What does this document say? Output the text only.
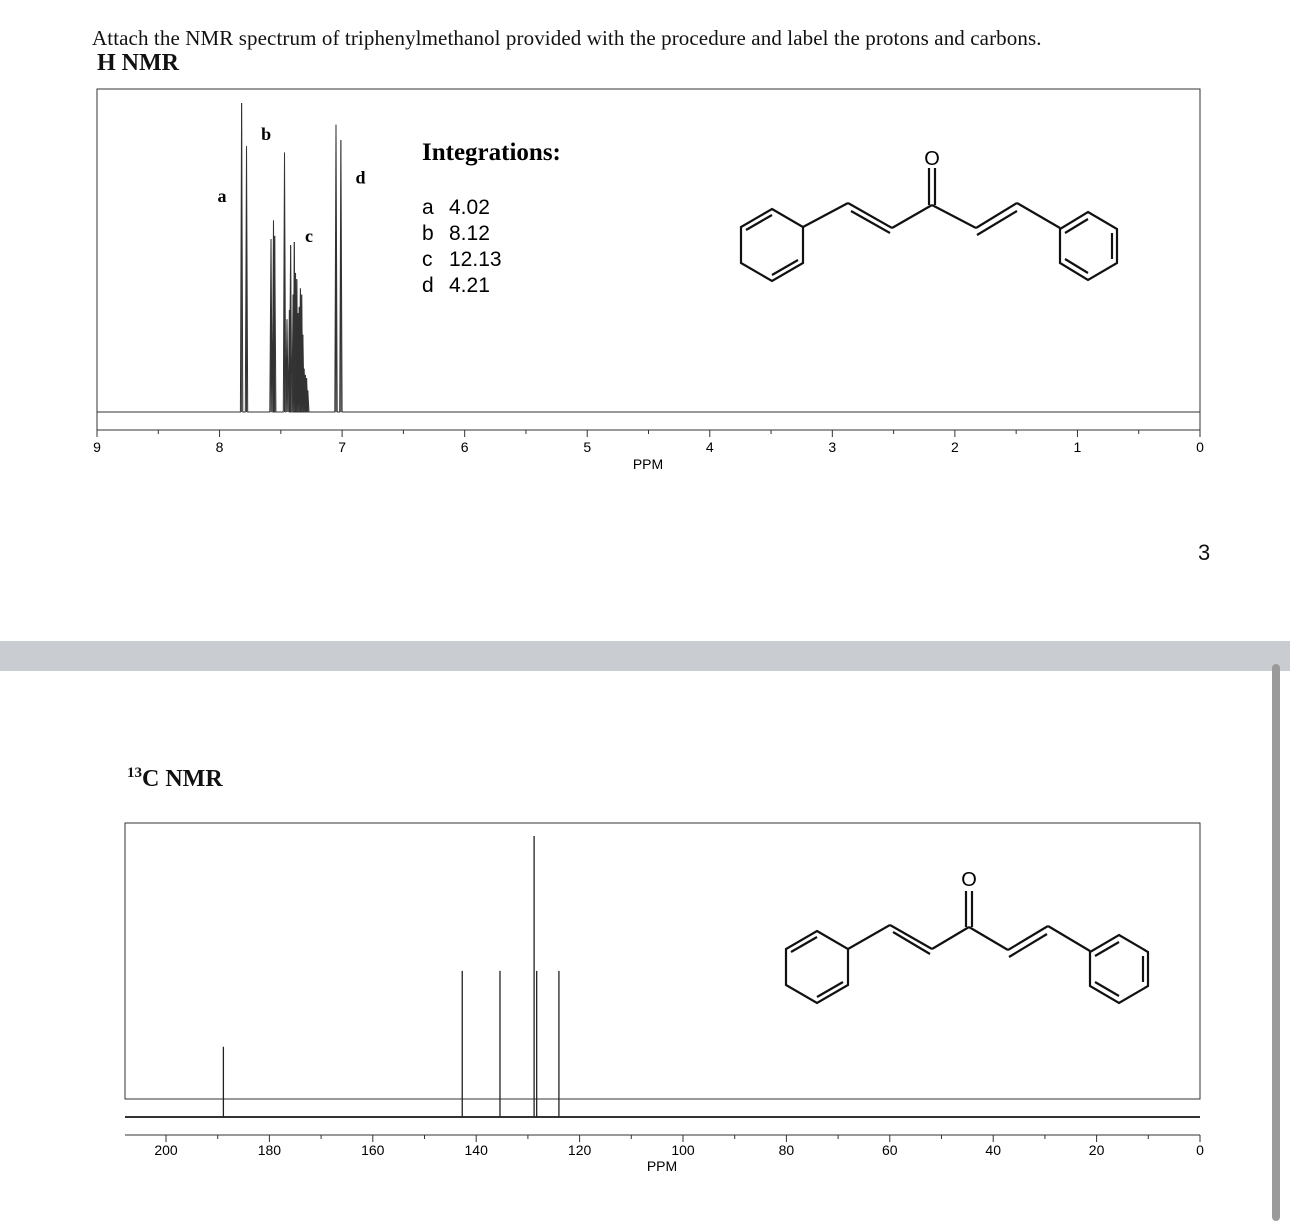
Attach the NMR spectrum of triphenylmethanol provided with the procedure and label the protons and carbons.
H NMR
9	8	7	6	5	4	3	2	1	0
PPM
a
b
c
d
Integrations:
a 4.02
b 8.12
c 12.13
d 4.21
O
3
$^{13}$C NMR
200	180	160	140	120	100	80	60	40	20	0
PPM
O
